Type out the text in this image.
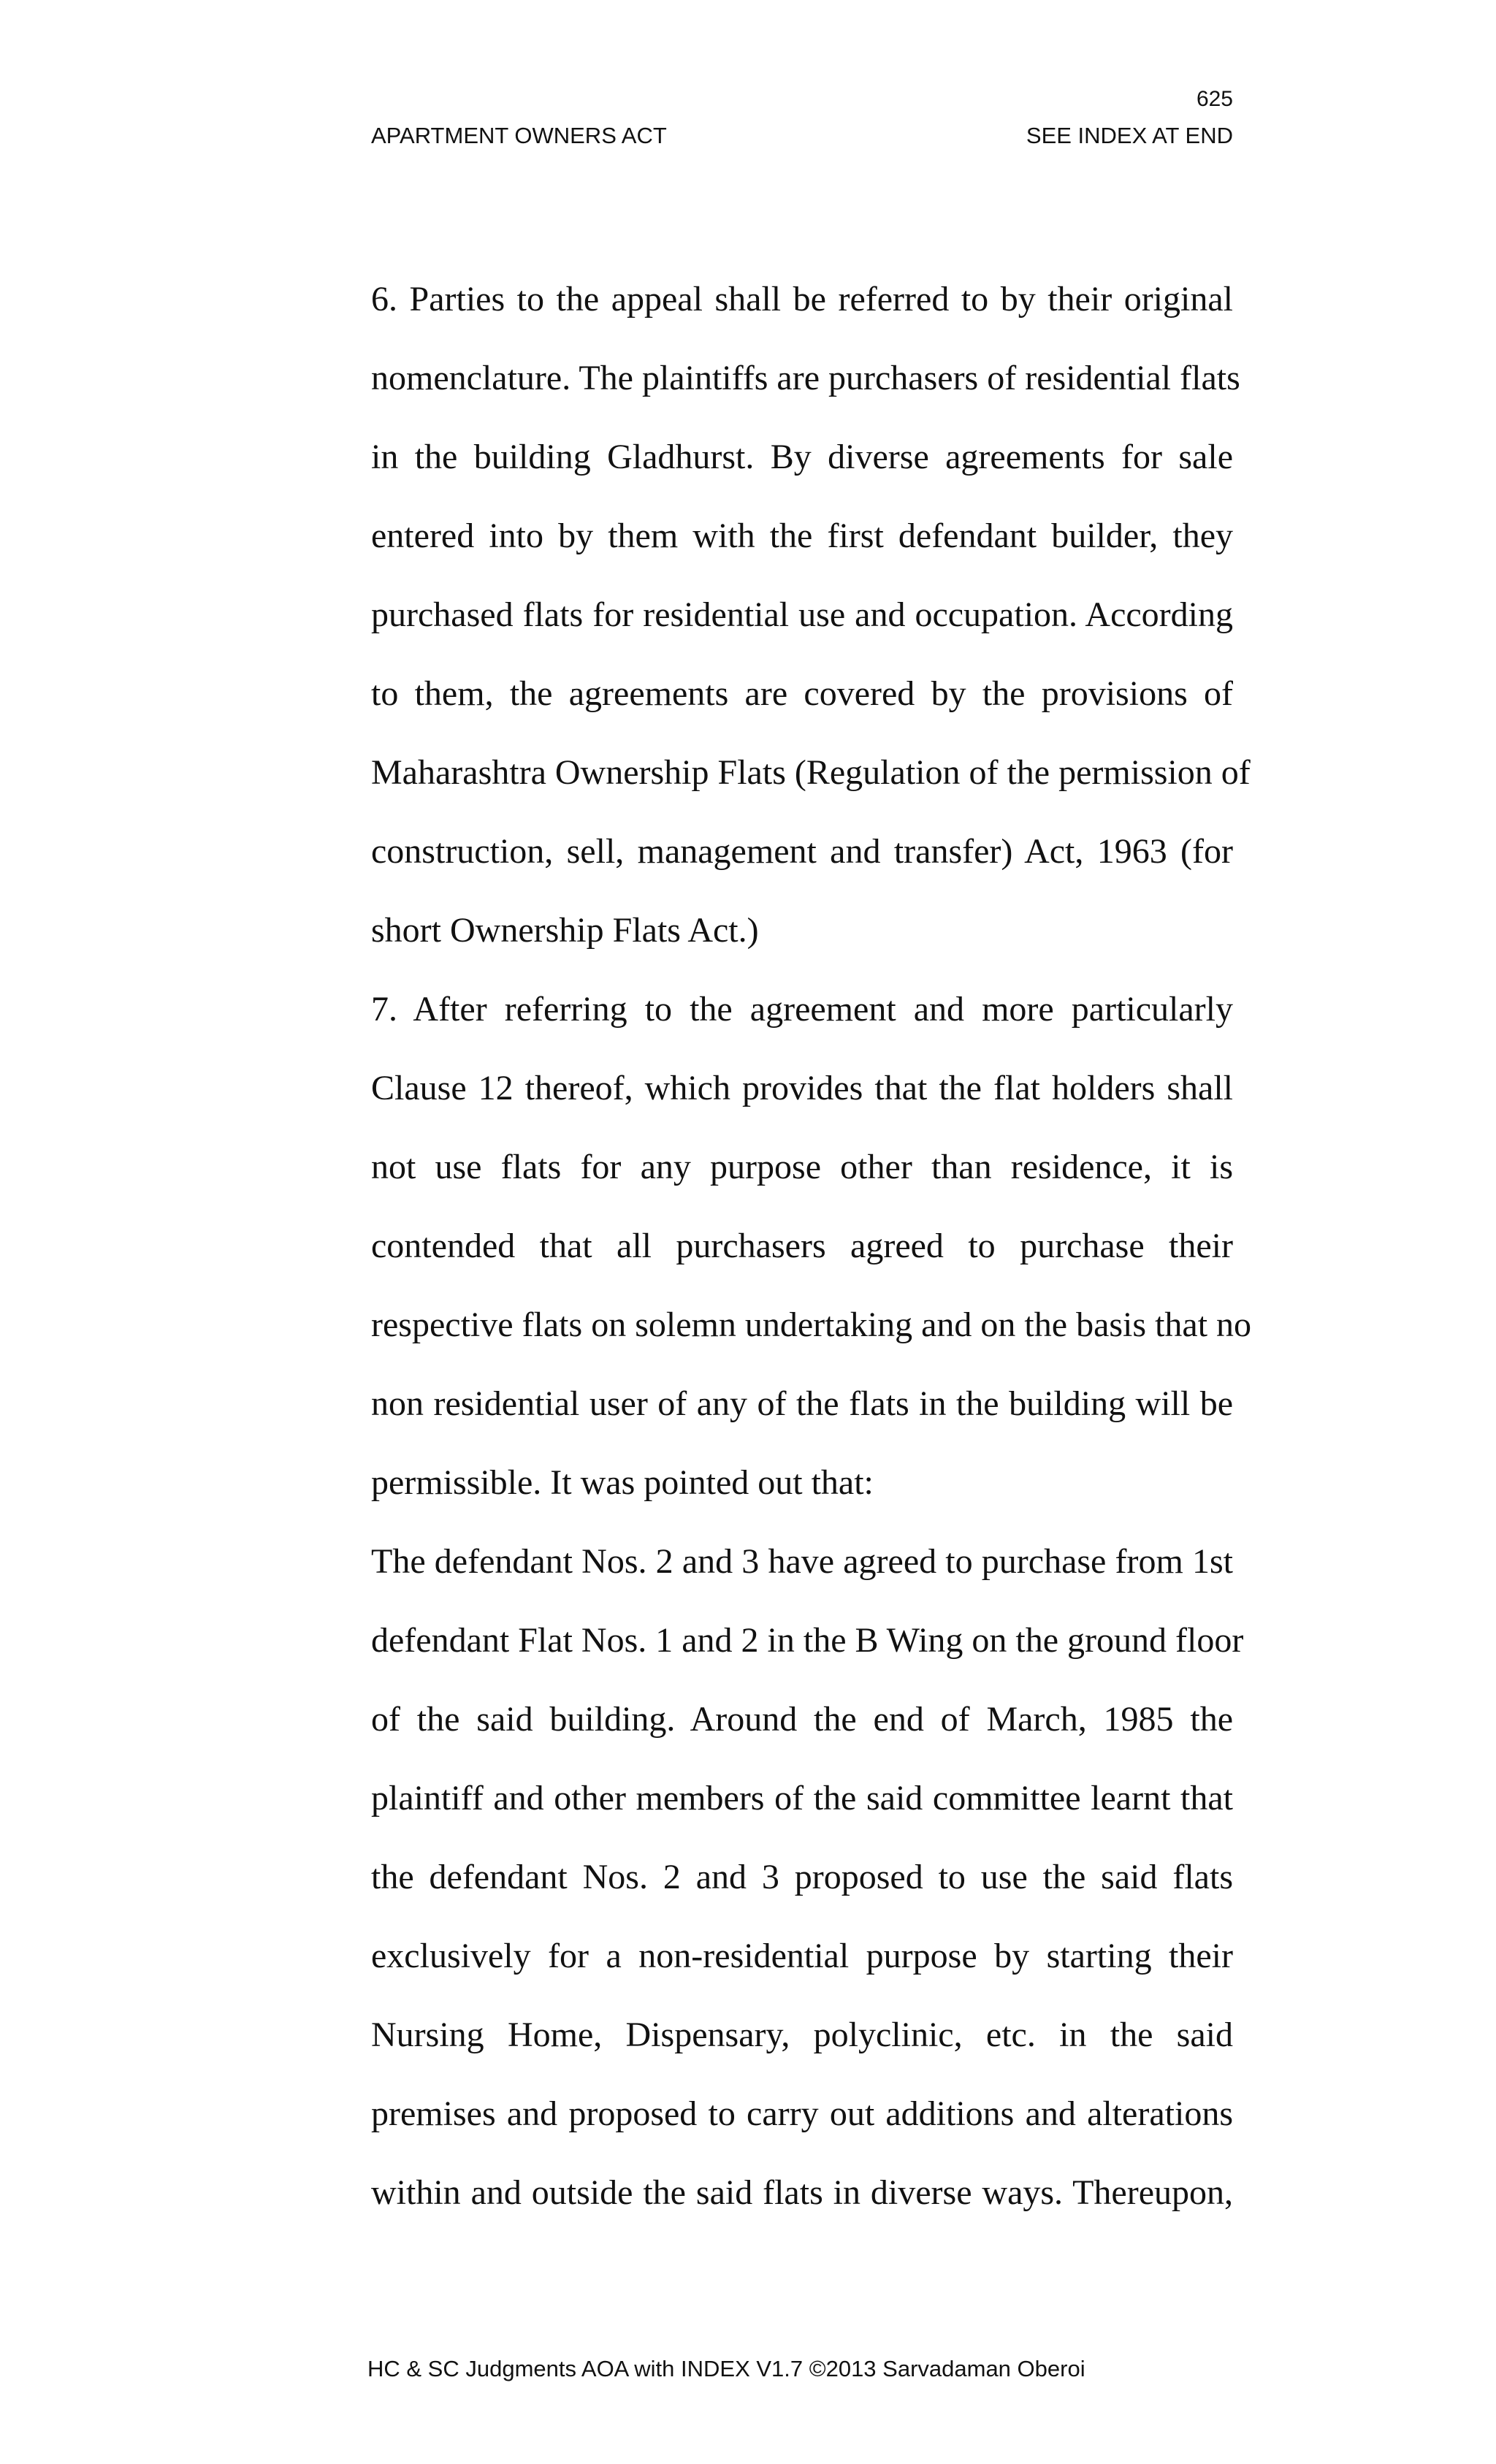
625
APARTMENT OWNERS ACT	SEE INDEX AT END
6. Parties to the appeal shall be referred to by their original
nomenclature. The plaintiffs are purchasers of residential flats
in the building Gladhurst. By diverse agreements for sale
entered into by them with the first defendant builder, they
purchased flats for residential use and occupation. According
to them, the agreements are covered by the provisions of
Maharashtra Ownership Flats (Regulation of the permission of
construction, sell, management and transfer) Act, 1963 (for
short Ownership Flats Act.)
7. After referring to the agreement and more particularly
Clause 12 thereof, which provides that the flat holders shall
not use flats for any purpose other than residence, it is
contended that all purchasers agreed to purchase their
respective flats on solemn undertaking and on the basis that no
non residential user of any of the flats in the building will be
permissible. It was pointed out that:
The defendant Nos. 2 and 3 have agreed to purchase from 1st
defendant Flat Nos. 1 and 2 in the B Wing on the ground floor
of the said building. Around the end of March, 1985 the
plaintiff and other members of the said committee learnt that
the defendant Nos. 2 and 3 proposed to use the said flats
exclusively for a non-residential purpose by starting their
Nursing Home, Dispensary, polyclinic, etc. in the said
premises and proposed to carry out additions and alterations
within and outside the said flats in diverse ways. Thereupon,
HC & SC Judgments AOA with INDEX V1.7 ©2013 Sarvadaman Oberoi
